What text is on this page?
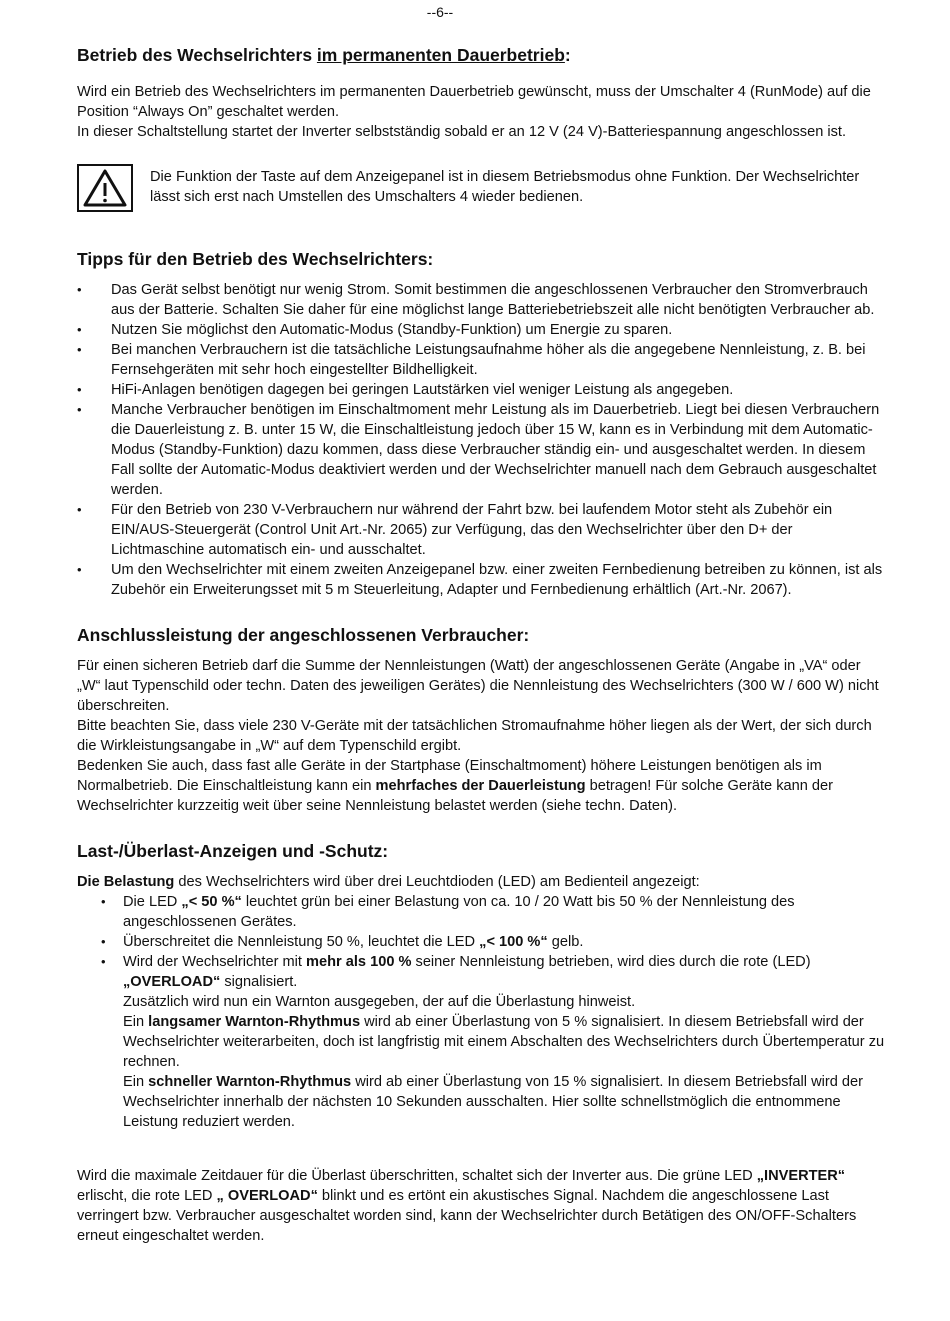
--6--
Betrieb des Wechselrichters im permanenten Dauerbetrieb:

Wird ein Betrieb des Wechselrichters im permanenten Dauerbetrieb gewünscht, muss der Umschalter 4 (RunMode) auf die Position “Always On” geschaltet werden.

In dieser Schaltstellung startet der Inverter selbstständig sobald er an 12 V (24 V)-Batteriespannung angeschlossen ist.

Die Funktion der Taste auf dem Anzeigepanel ist in diesem Betriebsmodus ohne Funktion. Der Wechselrichter lässt sich erst nach Umstellen des Umschalters 4 wieder bedienen.

Tipps für den Betrieb des Wechselrichters:
• Das Gerät selbst benötigt nur wenig Strom. Somit bestimmen die angeschlossenen Verbraucher den Stromverbrauch aus der Batterie. Schalten Sie daher für eine möglichst lange Batteriebetriebszeit alle nicht benötigten Verbraucher ab.
• Nutzen Sie möglichst den Automatic-Modus (Standby-Funktion) um Energie zu sparen.
• Bei manchen Verbrauchern ist die tatsächliche Leistungsaufnahme höher als die angegebene Nennleistung, z. B. bei Fernsehgeräten mit sehr hoch eingestellter Bildhelligkeit.
• HiFi-Anlagen benötigen dagegen bei geringen Lautstärken viel weniger Leistung als angegeben.
• Manche Verbraucher benötigen im Einschaltmoment mehr Leistung als im Dauerbetrieb. Liegt bei diesen Verbrauchern die Dauerleistung z. B. unter 15 W, die Einschaltleistung jedoch über 15 W, kann es in Verbindung mit dem Automatic-Modus (Standby-Funktion) dazu kommen, dass diese Verbraucher ständig ein- und ausgeschaltet werden. In diesem Fall sollte der Automatic-Modus deaktiviert werden und der Wechselrichter manuell nach dem Gebrauch ausgeschaltet werden.
• Für den Betrieb von 230 V-Verbrauchern nur während der Fahrt bzw. bei laufendem Motor steht als Zubehör ein EIN/AUS-Steuergerät (Control Unit Art.-Nr. 2065) zur Verfügung, das den Wechselrichter über den D+ der Lichtmaschine automatisch ein- und ausschaltet.
• Um den Wechselrichter mit einem zweiten Anzeigepanel bzw. einer zweiten Fernbedienung betreiben zu können, ist als Zubehör ein Erweiterungsset mit 5 m Steuerleitung, Adapter und Fernbedienung erhältlich (Art.-Nr. 2067).
Anschlussleistung der angeschlossenen Verbraucher:

Für einen sicheren Betrieb darf die Summe der Nennleistungen (Watt) der angeschlossenen Geräte (Angabe in „VA“ oder „W“ laut Typenschild oder techn. Daten des jeweiligen Gerätes) die Nennleistung des Wechselrichters (300 W / 600 W) nicht überschreiten.

Bitte beachten Sie, dass viele 230 V-Geräte mit der tatsächlichen Stromaufnahme höher liegen als der Wert, der sich durch die Wirkleistungsangabe in „W“ auf dem Typenschild ergibt.

Bedenken Sie auch, dass fast alle Geräte in der Startphase (Einschaltmoment) höhere Leistungen benötigen als im Normalbetrieb. Die Einschaltleistung kann ein mehrfaches der Dauerleistung betragen! Für solche Geräte kann der Wechselrichter kurzzeitig weit über seine Nennleistung belastet werden (siehe techn. Daten).

Last-/Überlast-Anzeigen und -Schutz:

Die Belastung des Wechselrichters wird über drei Leuchtdioden (LED) am Bedienteil angezeigt:

• Die LED „< 50 %“ leuchtet grün bei einer Belastung von ca. 10 / 20 Watt bis 50 % der Nennleistung des angeschlossenen Gerätes.
• Überschreitet die Nennleistung 50 %, leuchtet die LED „< 100 %“ gelb.
• Wird der Wechselrichter mit mehr als 100 % seiner Nennleistung betrieben, wird dies durch die rote (LED) „OVERLOAD“ signalisiert.
Zusätzlich wird nun ein Warnton ausgegeben, der auf die Überlastung hinweist.
Ein langsamer Warnton-Rhythmus wird ab einer Überlastung von 5 % signalisiert. In diesem Betriebsfall wird der Wechselrichter weiterarbeiten, doch ist langfristig mit einem Abschalten des Wechselrichters durch Übertemperatur zu rechnen.
Ein schneller Warnton-Rhythmus wird ab einer Überlastung von 15 % signalisiert. In diesem Betriebsfall wird der Wechselrichter innerhalb der nächsten 10 Sekunden ausschalten. Hier sollte schnellstmöglich die entnommene Leistung reduziert werden.

Wird die maximale Zeitdauer für die Überlast überschritten, schaltet sich der Inverter aus. Die grüne LED „INVERTER“ erlischt, die rote LED „ OVERLOAD“ blinkt und es ertönt ein akustisches Signal. Nachdem die angeschlossene Last verringert bzw. Verbraucher ausgeschaltet worden sind, kann der Wechselrichter durch Betätigen des ON/OFF-Schalters erneut eingeschaltet werden.
